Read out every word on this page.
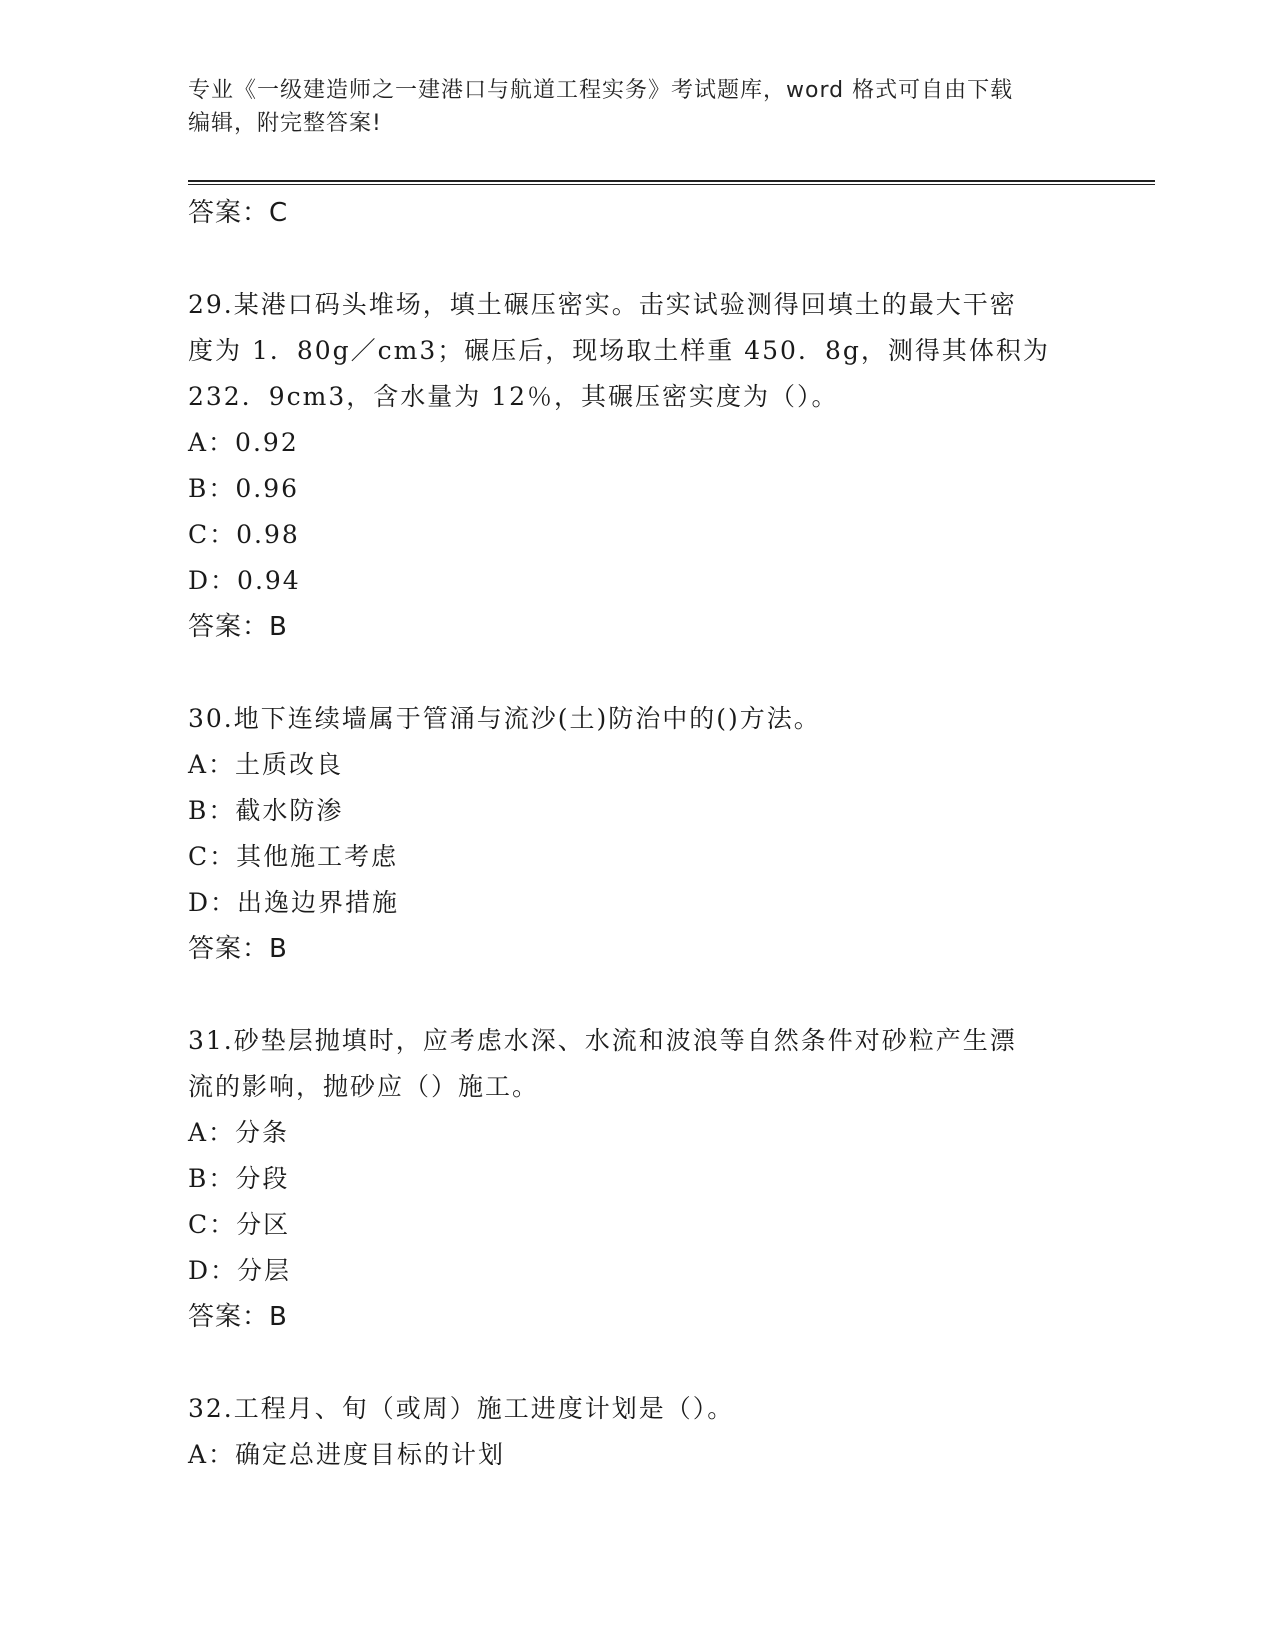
专业《一级建造师之一建港口与航道工程实务》考试题库，word 格式可自由下载
编辑，附完整答案!
答案：C
29.某港口码头堆场，填土碾压密实。击实试验测得回填土的最大干密
度为 1．80g／cm3；碾压后，现场取土样重 450．8g，测得其体积为
232．9cm3，含水量为 12％，其碾压密实度为（）。
A：0.92
B：0.96
C：0.98
D：0.94
答案：B
30.地下连续墙属于管涌与流沙(土)防治中的()方法。
A：土质改良
B：截水防渗
C：其他施工考虑
D：出逸边界措施
答案：B
31.砂垫层抛填时，应考虑水深、水流和波浪等自然条件对砂粒产生漂
流的影响，抛砂应（）施工。
A：分条
B：分段
C：分区
D：分层
答案：B
32.工程月、旬（或周）施工进度计划是（）。
A：确定总进度目标的计划
